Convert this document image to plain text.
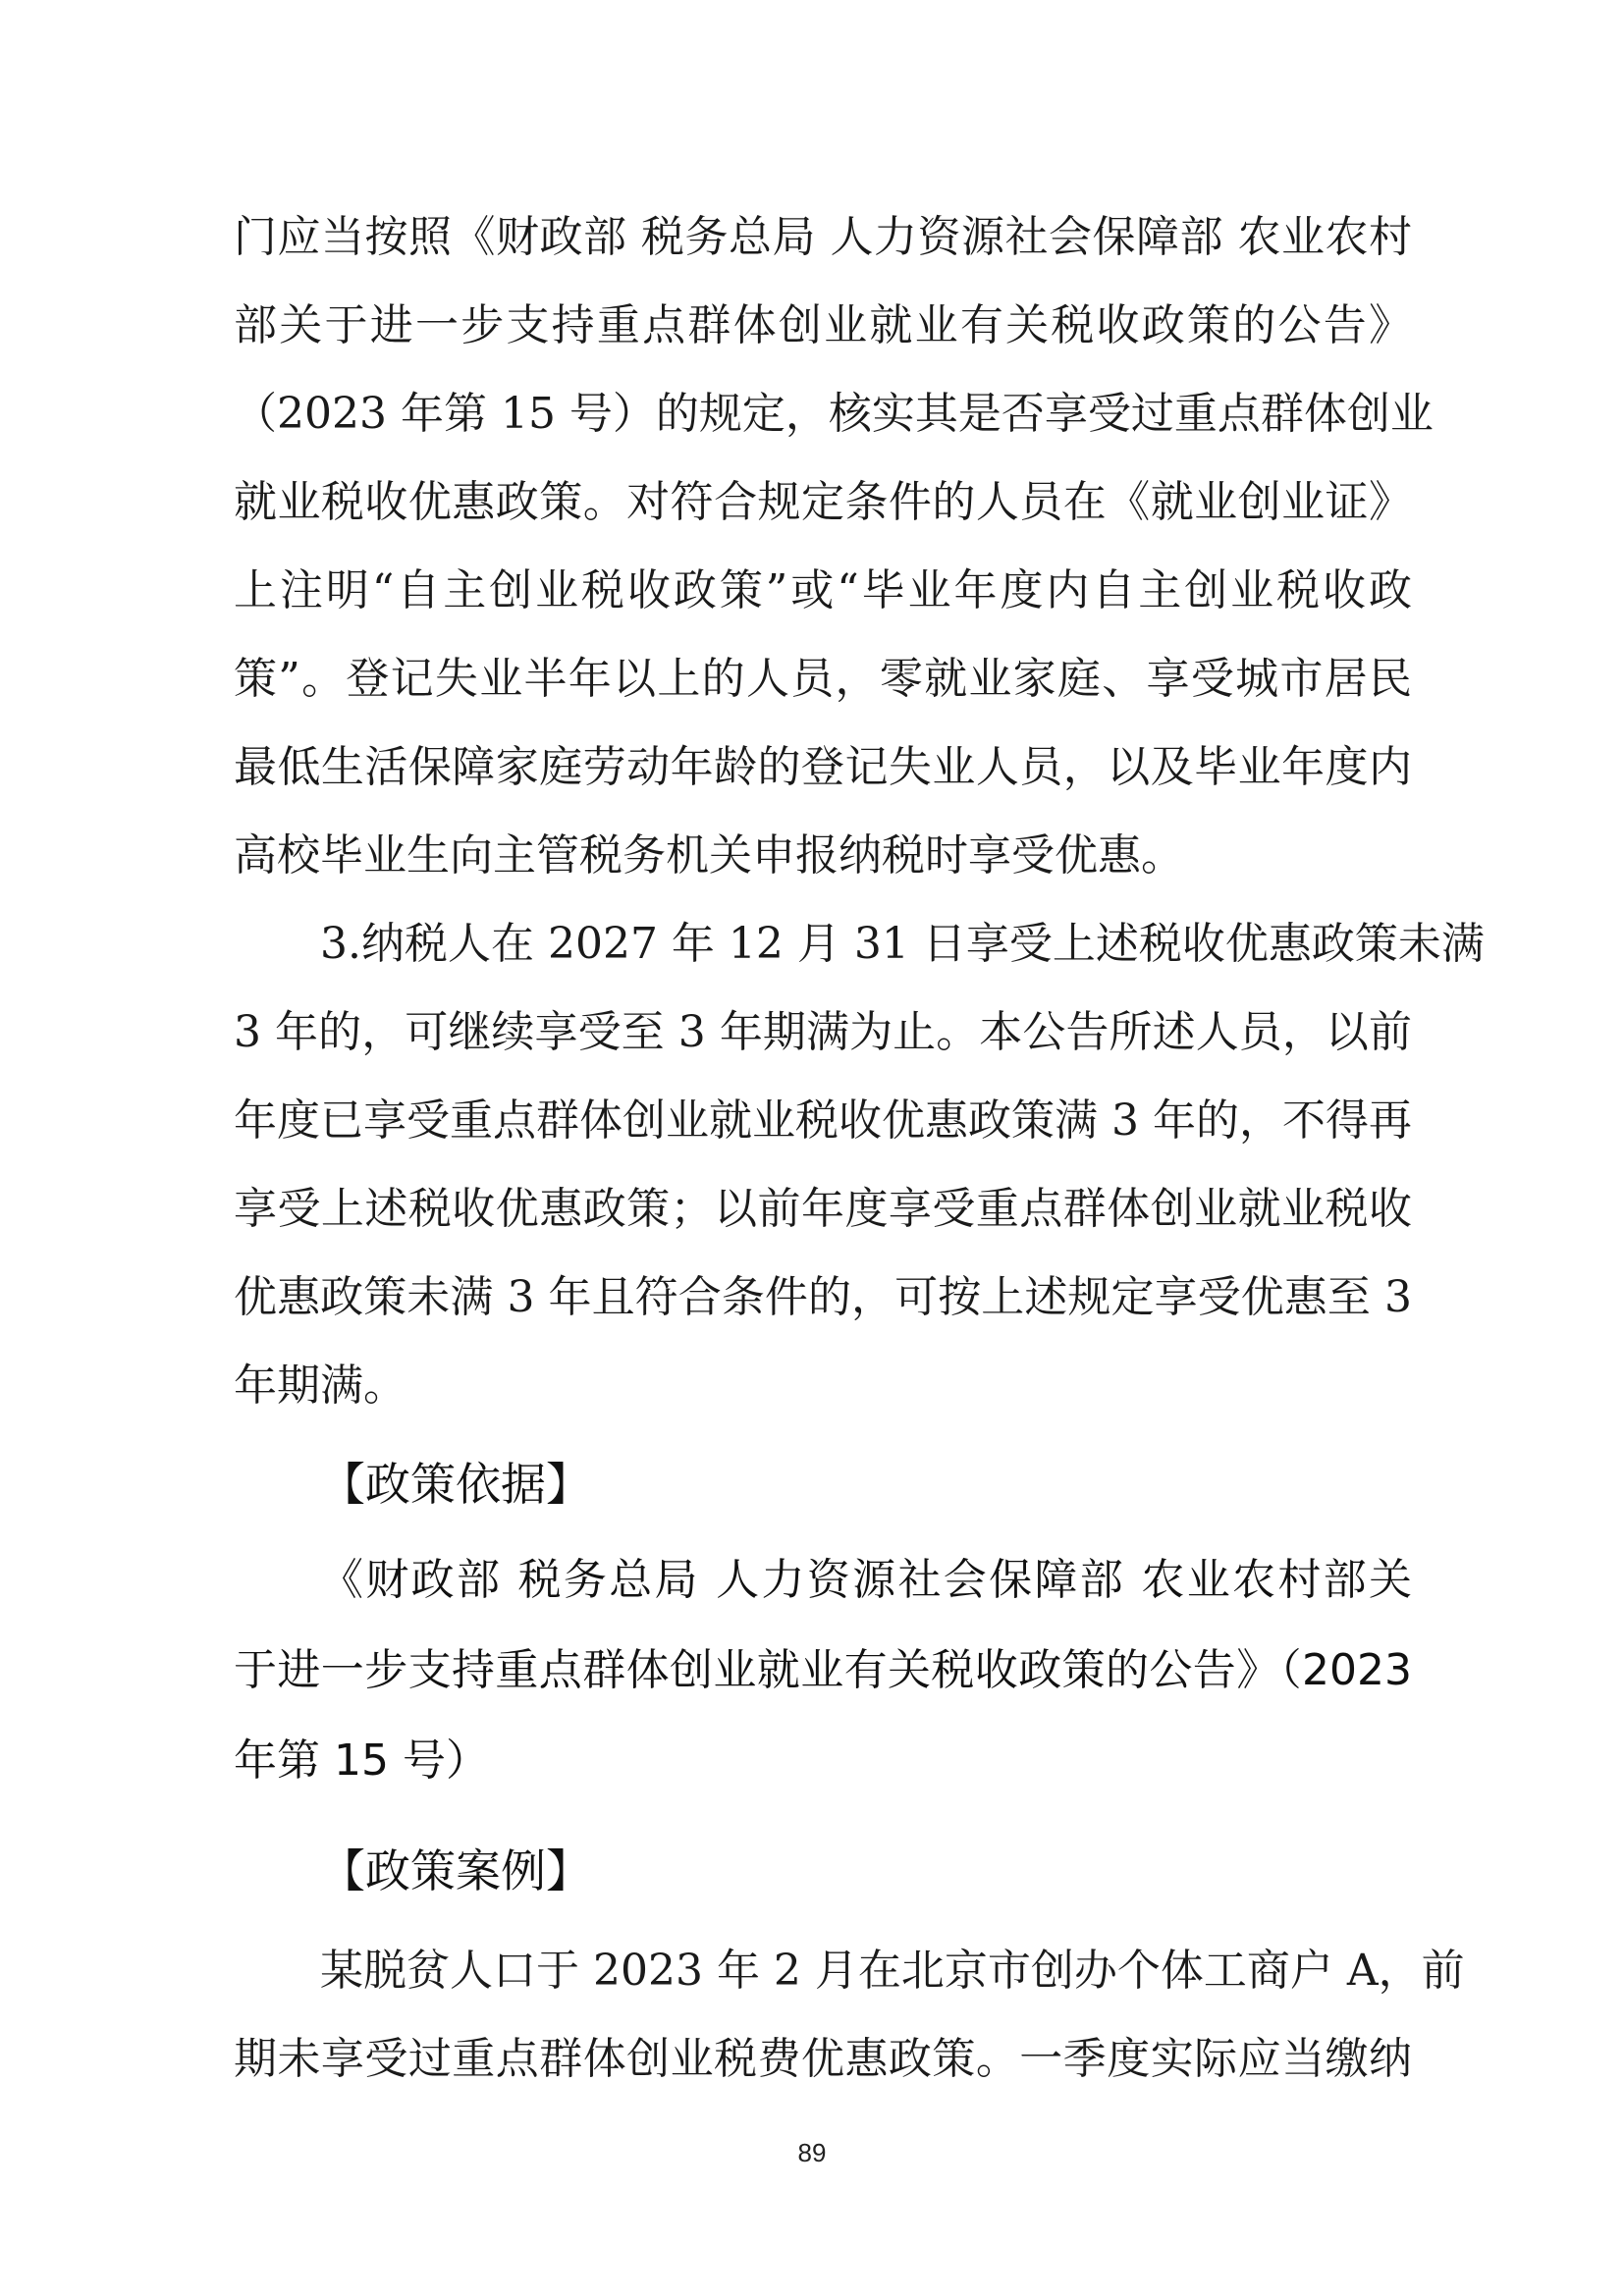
门应当按照《财政部 税务总局 人力资源社会保障部 农业农村
部关于进一步支持重点群体创业就业有关税收政策的公告》
（2023 年第 15 号）的规定，核实其是否享受过重点群体创业
就业税收优惠政策。对符合规定条件的人员在《就业创业证》
上注明“自主创业税收政策”或“毕业年度内自主创业税收政
策”。登记失业半年以上的人员，零就业家庭、享受城市居民
最低生活保障家庭劳动年龄的登记失业人员，以及毕业年度内
高校毕业生向主管税务机关申报纳税时享受优惠。
3.纳税人在 2027 年 12 月 31 日享受上述税收优惠政策未满
3 年的，可继续享受至 3 年期满为止。本公告所述人员，以前
年度已享受重点群体创业就业税收优惠政策满 3 年的，不得再
享受上述税收优惠政策；以前年度享受重点群体创业就业税收
优惠政策未满 3 年且符合条件的，可按上述规定享受优惠至 3
年期满。
【政策依据】
《财政部 税务总局 人力资源社会保障部 农业农村部关
于进一步支持重点群体创业就业有关税收政策的公告》（2023
年第 15 号）
【政策案例】
某脱贫人口于 2023 年 2 月在北京市创办个体工商户 A，前
期未享受过重点群体创业税费优惠政策。一季度实际应当缴纳
89
